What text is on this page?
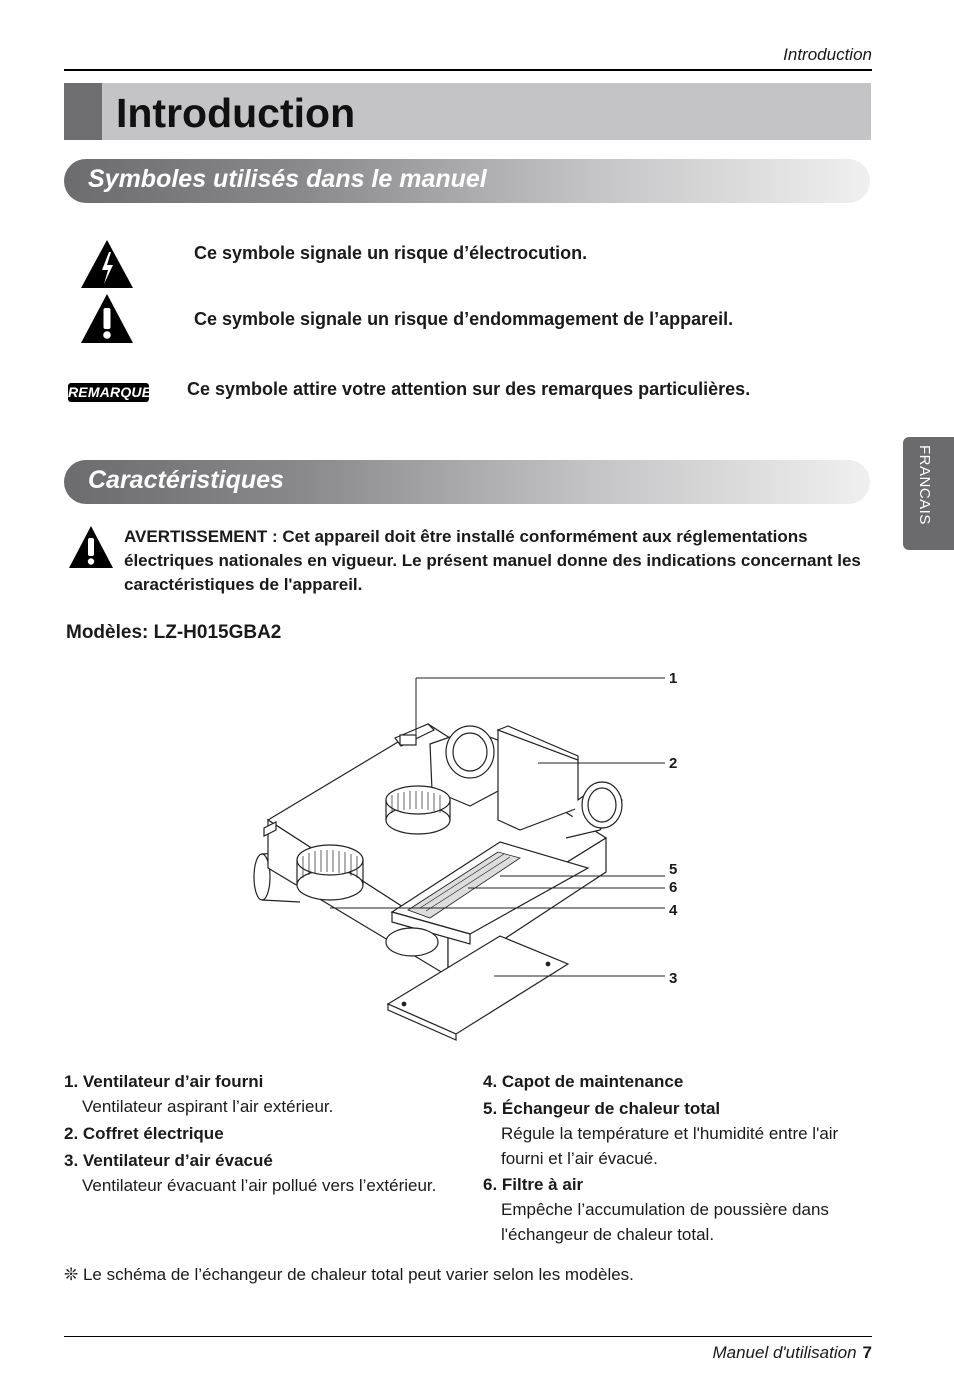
Introduction
Introduction
Symboles utilisés dans le manuel
Ce symbole signale un risque d’électrocution.
Ce symbole signale un risque d’endommagement de l’appareil.
REMARQUE Ce symbole attire votre attention sur des remarques particulières.
Caractéristiques
AVERTISSEMENT : Cet appareil doit être installé conformément aux réglementations électriques nationales en vigueur. Le présent manuel donne des indications concernant les caractéristiques de l'appareil.
Modèles: LZ-H015GBA2
1
2
5
6
4
3
1. Ventilateur d’air fourni
Ventilateur aspirant l’air extérieur.
2. Coffret électrique
3. Ventilateur d’air évacué
Ventilateur évacuant l’air pollué vers l’extérieur.
4. Capot de maintenance
5. Échangeur de chaleur total
Régule la température et l'humidité entre l'air fourni et l’air évacué.
6. Filtre à air
Empêche l’accumulation de poussière dans l'échangeur de chaleur total.
❊ Le schéma de l’échangeur de chaleur total peut varier selon les modèles.
Manuel d'utilisation 7
FRANCAIS
